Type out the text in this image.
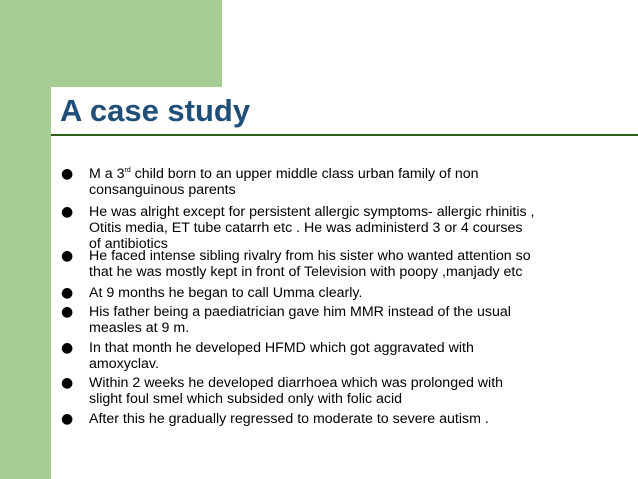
A case study
● M a 3rd child born to an upper middle class urban family of non
consanguinous parents
● He was alright except for persistent allergic symptoms- allergic rhinitis ,
Otitis media, ET tube catarrh etc . He was administerd 3 or 4 courses
of antibiotics
● He faced intense sibling rivalry from his sister who wanted attention so
that he was mostly kept in front of Television with poopy ,manjady etc
● At 9 months he began to call Umma clearly.
● His father being a paediatrician gave him MMR instead of the usual
measles at 9 m.
● In that month he developed HFMD which got aggravated with
amoxyclav.
● Within 2 weeks he developed diarrhoea which was prolonged with
slight foul smel which subsided only with folic acid
● After this he gradually regressed to moderate to severe autism .
